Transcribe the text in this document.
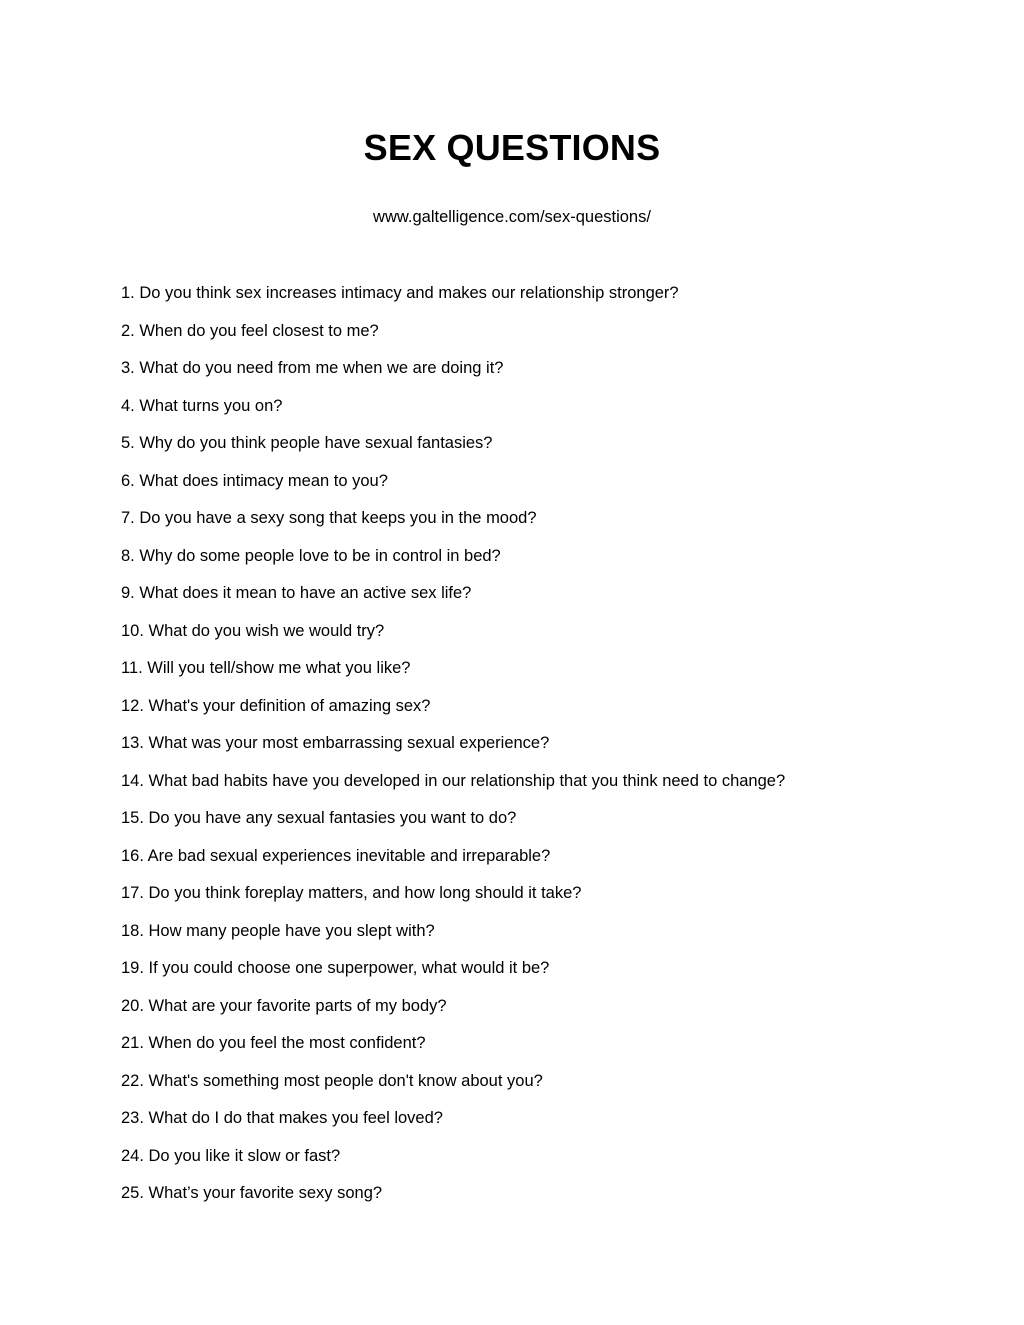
SEX QUESTIONS
www.galtelligence.com/sex-questions/
1. Do you think sex increases intimacy and makes our relationship stronger?
2. When do you feel closest to me?
3. What do you need from me when we are doing it?
4. What turns you on?
5. Why do you think people have sexual fantasies?
6. What does intimacy mean to you?
7. Do you have a sexy song that keeps you in the mood?
8. Why do some people love to be in control in bed?
9. What does it mean to have an active sex life?
10. What do you wish we would try?
11. Will you tell/show me what you like?
12. What's your definition of amazing sex?
13. What was your most embarrassing sexual experience?
14. What bad habits have you developed in our relationship that you think need to change?
15. Do you have any sexual fantasies you want to do?
16. Are bad sexual experiences inevitable and irreparable?
17. Do you think foreplay matters, and how long should it take?
18. How many people have you slept with?
19. If you could choose one superpower, what would it be?
20. What are your favorite parts of my body?
21. When do you feel the most confident?
22. What's something most people don't know about you?
23. What do I do that makes you feel loved?
24. Do you like it slow or fast?
25. What’s your favorite sexy song?
